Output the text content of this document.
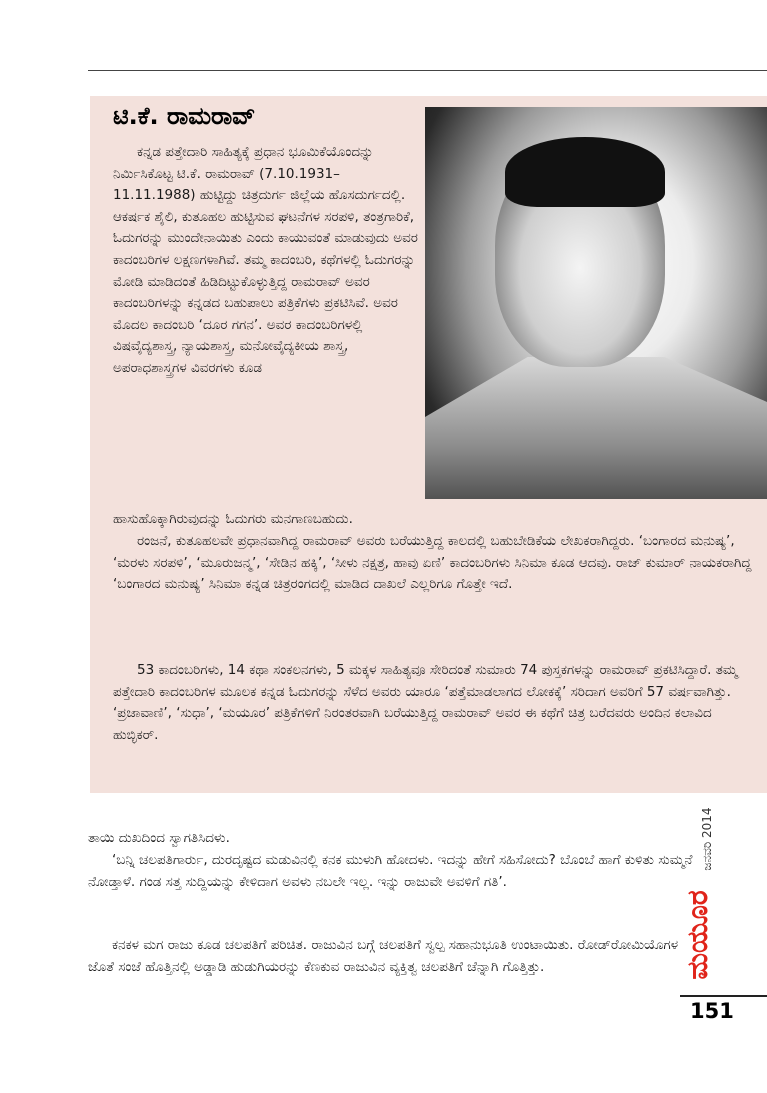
ಟಿ.ಕೆ. ರಾಮರಾವ್

ಕನ್ನಡ ಪತ್ತೇದಾರಿ ಸಾಹಿತ್ಯಕ್ಕೆ ಪ್ರಧಾನ ಭೂಮಿಕೆಯೊಂದನ್ನು ನಿರ್ಮಿಸಿಕೊಟ್ಟ ಟಿ.ಕೆ. ರಾಮರಾವ್ (7.10.1931– 11.11.1988) ಹುಟ್ಟಿದ್ದು ಚಿತ್ರದುರ್ಗ ಜಿಲ್ಲೆಯ ಹೊಸದುರ್ಗದಲ್ಲಿ. ಆಕರ್ಷಕ ಶೈಲಿ, ಕುತೂಹಲ ಹುಟ್ಟಿಸುವ ಘಟನೆಗಳ ಸರಪಳಿ, ತಂತ್ರಗಾರಿಕೆ, ಓದುಗರನ್ನು ಮುಂದೇನಾಯಿತು ಎಂದು ಕಾಯುವಂತೆ ಮಾಡುವುದು ಅವರ ಕಾದಂಬರಿಗಳ ಲಕ್ಷಣಗಳಾಗಿವೆ. ತಮ್ಮ ಕಾದಂಬರಿ, ಕಥೆಗಳಲ್ಲಿ ಓದುಗರನ್ನು ಮೋಡಿ ಮಾಡಿದಂತೆ ಹಿಡಿದಿಟ್ಟುಕೊಳ್ಳುತ್ತಿದ್ದ ರಾಮರಾವ್ ಅವರ ಕಾದಂಬರಿಗಳನ್ನು ಕನ್ನಡದ ಬಹುಪಾಲು ಪತ್ರಿಕೆಗಳು ಪ್ರಕಟಿಸಿವೆ. ಅವರ ಮೊದಲ ಕಾದಂಬರಿ ‘ದೂರ ಗಗನ’. ಅವರ ಕಾದಂಬರಿಗಳಲ್ಲಿ ವಿಷವೈದ್ಯಶಾಸ್ತ್ರ, ನ್ಯಾಯಶಾಸ್ತ್ರ, ಮನೋವೈದ್ಯಕೀಯ ಶಾಸ್ತ್ರ, ಅಪರಾಧಶಾಸ್ತ್ರಗಳ ವಿವರಗಳು ಕೂಡ

ಹಾಸುಹೊಕ್ಕಾಗಿರುವುದನ್ನು ಓದುಗರು ಮನಗಾಣಬಹುದು.

ರಂಜನೆ, ಕುತೂಹಲವೇ ಪ್ರಧಾನವಾಗಿದ್ದ ರಾಮರಾವ್ ಅವರು ಬರೆಯುತ್ತಿದ್ದ ಕಾಲದಲ್ಲಿ ಬಹುಬೇಡಿಕೆಯ ಲೇಖಕರಾಗಿದ್ದರು. ‘ಬಂಗಾರದ ಮನುಷ್ಯ’, ‘ಮರಳು ಸರಪಳಿ’, ‘ಮೂರುಜನ್ಮ’, ‘ಸೇಡಿನ ಹಕ್ಕಿ’, ‘ಸೀಳು ನಕ್ಷತ್ರ, ಹಾವು ಏಣಿ’ ಕಾದಂಬರಿಗಳು ಸಿನಿಮಾ ಕೂಡ ಆದವು. ರಾಜ್ ಕುಮಾರ್ ನಾಯಕರಾಗಿದ್ದ ‘ಬಂಗಾರದ ಮನುಷ್ಯ’ ಸಿನಿಮಾ ಕನ್ನಡ ಚಿತ್ರರಂಗದಲ್ಲಿ ಮಾಡಿದ ದಾಖಲೆ ಎಲ್ಲರಿಗೂ ಗೊತ್ತೇ ಇದೆ.

53 ಕಾದಂಬರಿಗಳು, 14 ಕಥಾ ಸಂಕಲನಗಳು, 5 ಮಕ್ಕಳ ಸಾಹಿತ್ಯವೂ ಸೇರಿದಂತೆ ಸುಮಾರು 74 ಪುಸ್ತಕಗಳನ್ನು ರಾಮರಾವ್ ಪ್ರಕಟಿಸಿದ್ದಾರೆ. ತಮ್ಮ ಪತ್ತೇದಾರಿ ಕಾದಂಬರಿಗಳ ಮೂಲಕ ಕನ್ನಡ ಓದುಗರನ್ನು ಸೆಳೆದ ಅವರು ಯಾರೂ ‘ಪತ್ತೆಮಾಡಲಾಗದ ಲೋಕಕ್ಕೆ’ ಸರಿದಾಗ ಅವರಿಗೆ 57 ವರ್ಷವಾಗಿತ್ತು. ‘ಪ್ರಜಾವಾಣಿ’, ‘ಸುಧಾ’, ‘ಮಯೂರ’ ಪತ್ರಿಕೆಗಳಿಗೆ ನಿರಂತರವಾಗಿ ಬರೆಯುತ್ತಿದ್ದ ರಾಮರಾವ್ ಅವರ ಈ ಕಥೆಗೆ ಚಿತ್ರ ಬರೆದವರು ಅಂದಿನ ಕಲಾವಿದ ಹುಬ್ಳಿಕರ್.

ತಾಯಿ ದುಖದಿಂದ ಸ್ವಾಗತಿಸಿದಳು.

‘ಬನ್ನಿ ಚಲಪತಿಗಾರ್ರು, ದುರದೃಷ್ಟದ ಮಡುವಿನಲ್ಲಿ ಕನಕ ಮುಳುಗಿ ಹೋದಳು. ಇದನ್ನು ಹೇಗೆ ಸಹಿಸೋದು? ಬೊಂಬೆ ಹಾಗೆ ಕುಳಿತು ಸುಮ್ಮನೆ ನೋಡ್ತಾಳೆ. ಗಂಡ ಸತ್ತ ಸುದ್ದಿಯನ್ನು ಕೇಳಿದಾಗ ಅವಳು ನಬಲೇ ಇಲ್ಲ. ಇನ್ನು ರಾಜುವೇ ಅವಳಿಗೆ ಗತಿ’.

ಕನಕಳ ಮಗ ರಾಜು ಕೂಡ ಚಲಪತಿಗೆ ಪರಿಚಿತ. ರಾಜುವಿನ ಬಗ್ಗೆ ಚಲಪತಿಗೆ ಸ್ವಲ್ಪ ಸಹಾನುಭೂತಿ ಉಂಟಾಯಿತು. ರೋಡ್‌ರೋಮಿಯೊಗಳ ಜೊತೆ ಸಂಜೆ ಹೊತ್ತಿನಲ್ಲಿ ಅಡ್ಡಾಡಿ ಹುಡುಗಿಯರನ್ನು ಕೆಣಕುವ ರಾಜುವಿನ ವ್ಯಕ್ತಿತ್ವ ಚಲಪತಿಗೆ ಚೆನ್ನಾಗಿ ಗೊತ್ತಿತ್ತು.

ಜನವರಿ 2014
ಮಯೂರ
151
